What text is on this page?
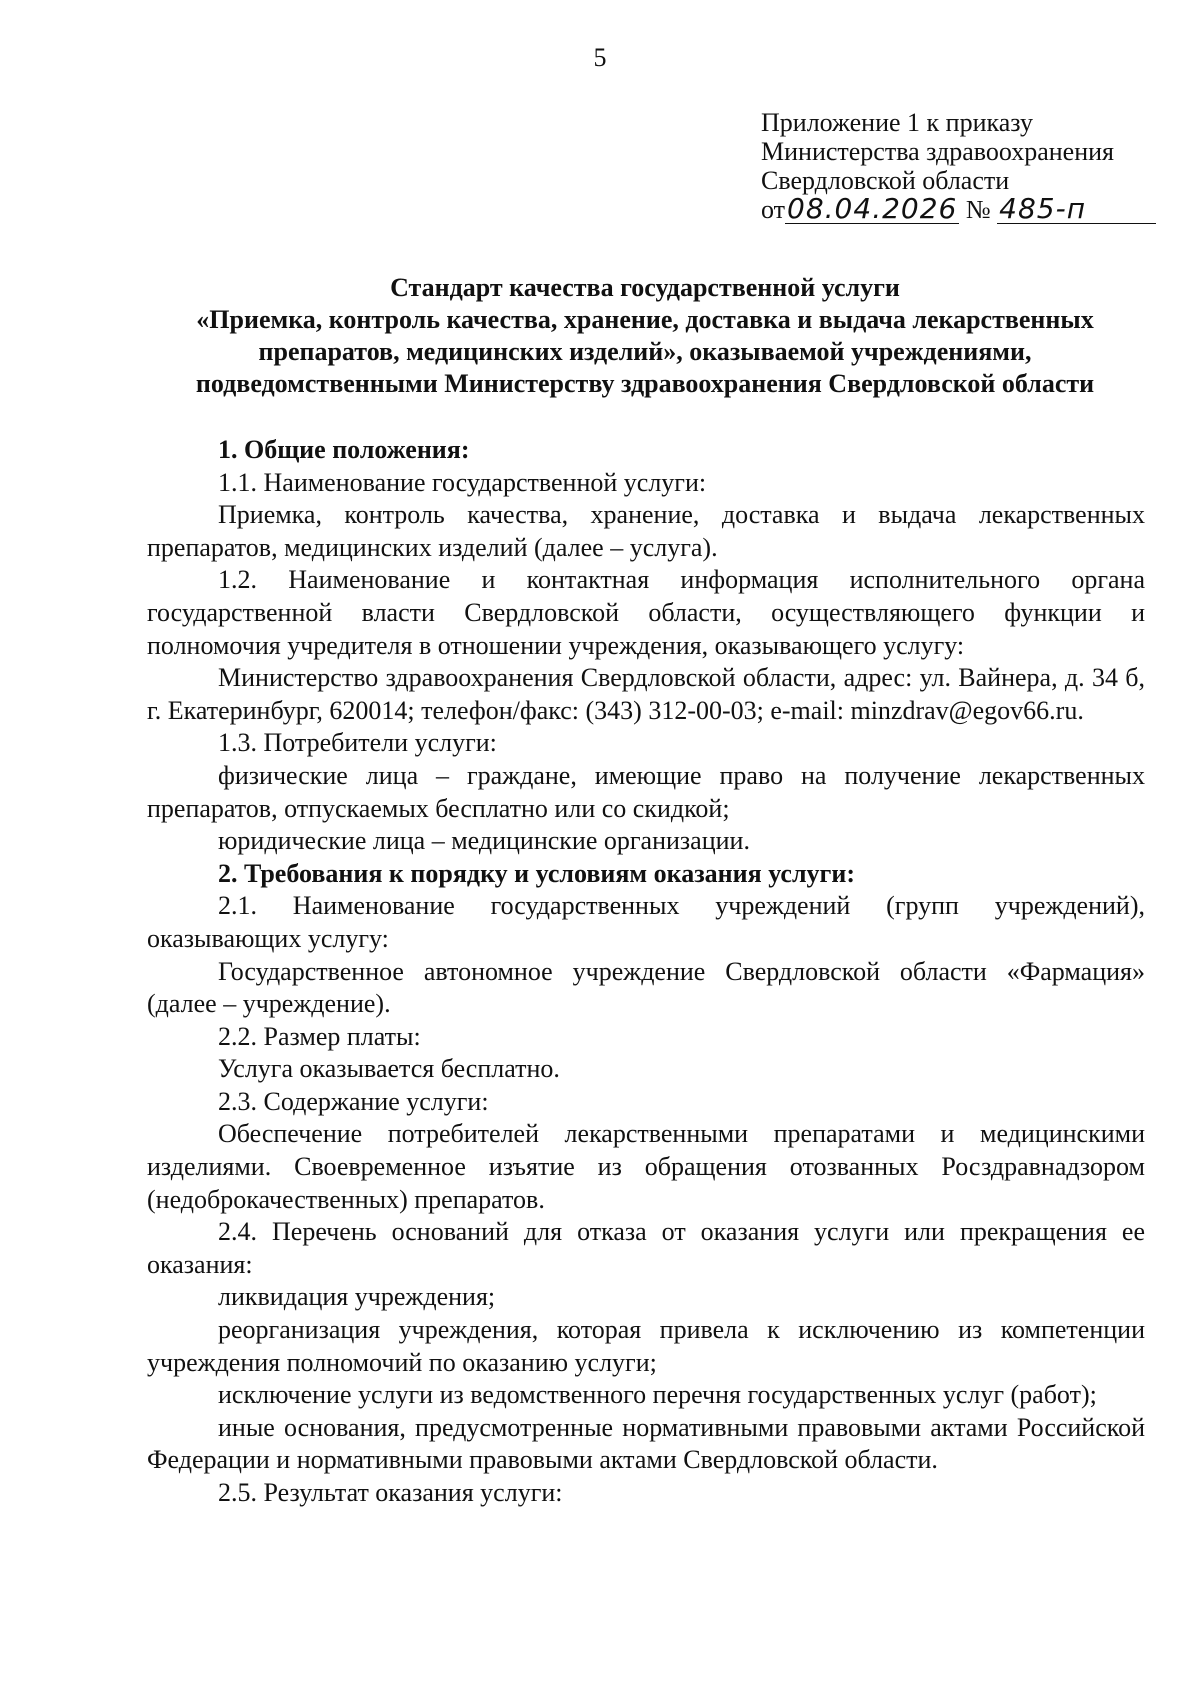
5
Приложение 1 к приказу
Министерства здравоохранения
Свердловской области
от08.04.2026 № 485-п
Стандарт качества государственной услуги
«Приемка, контроль качества, хранение, доставка и выдача лекарственных
препаратов, медицинских изделий», оказываемой учреждениями,
подведомственными Министерству здравоохранения Свердловской области

1. Общие положения:

1.1. Наименование государственной услуги:

Приемка, контроль качества, хранение, доставка и выдача лекарственных препаратов, медицинских изделий (далее – услуга).

1.2. Наименование и контактная информация исполнительного органа государственной власти Свердловской области, осуществляющего функции и полномочия учредителя в отношении учреждения, оказывающего услугу:

Министерство здравоохранения Свердловской области, адрес: ул. Вайнера, д. 34 б, г. Екатеринбург, 620014; телефон/факс: (343) 312-00-03; e-mail: minzdrav@egov66.ru.

1.3. Потребители услуги:

физические лица – граждане, имеющие право на получение лекарственных препаратов, отпускаемых бесплатно или со скидкой;

юридические лица – медицинские организации.

2. Требования к порядку и условиям оказания услуги:

2.1. Наименование государственных учреждений (групп учреждений), оказывающих услугу:

Государственное автономное учреждение Свердловской области «Фармация» (далее – учреждение).

2.2. Размер платы:

Услуга оказывается бесплатно.

2.3. Содержание услуги:

Обеспечение потребителей лекарственными препаратами и медицинскими изделиями. Своевременное изъятие из обращения отозванных Росздравнадзором (недоброкачественных) препаратов.

2.4. Перечень оснований для отказа от оказания услуги или прекращения ее оказания:

ликвидация учреждения;

реорганизация учреждения, которая привела к исключению из компетенции учреждения полномочий по оказанию услуги;

исключение услуги из ведомственного перечня государственных услуг (работ);

иные основания, предусмотренные нормативными правовыми актами Российской Федерации и нормативными правовыми актами Свердловской области.

2.5. Результат оказания услуги:
